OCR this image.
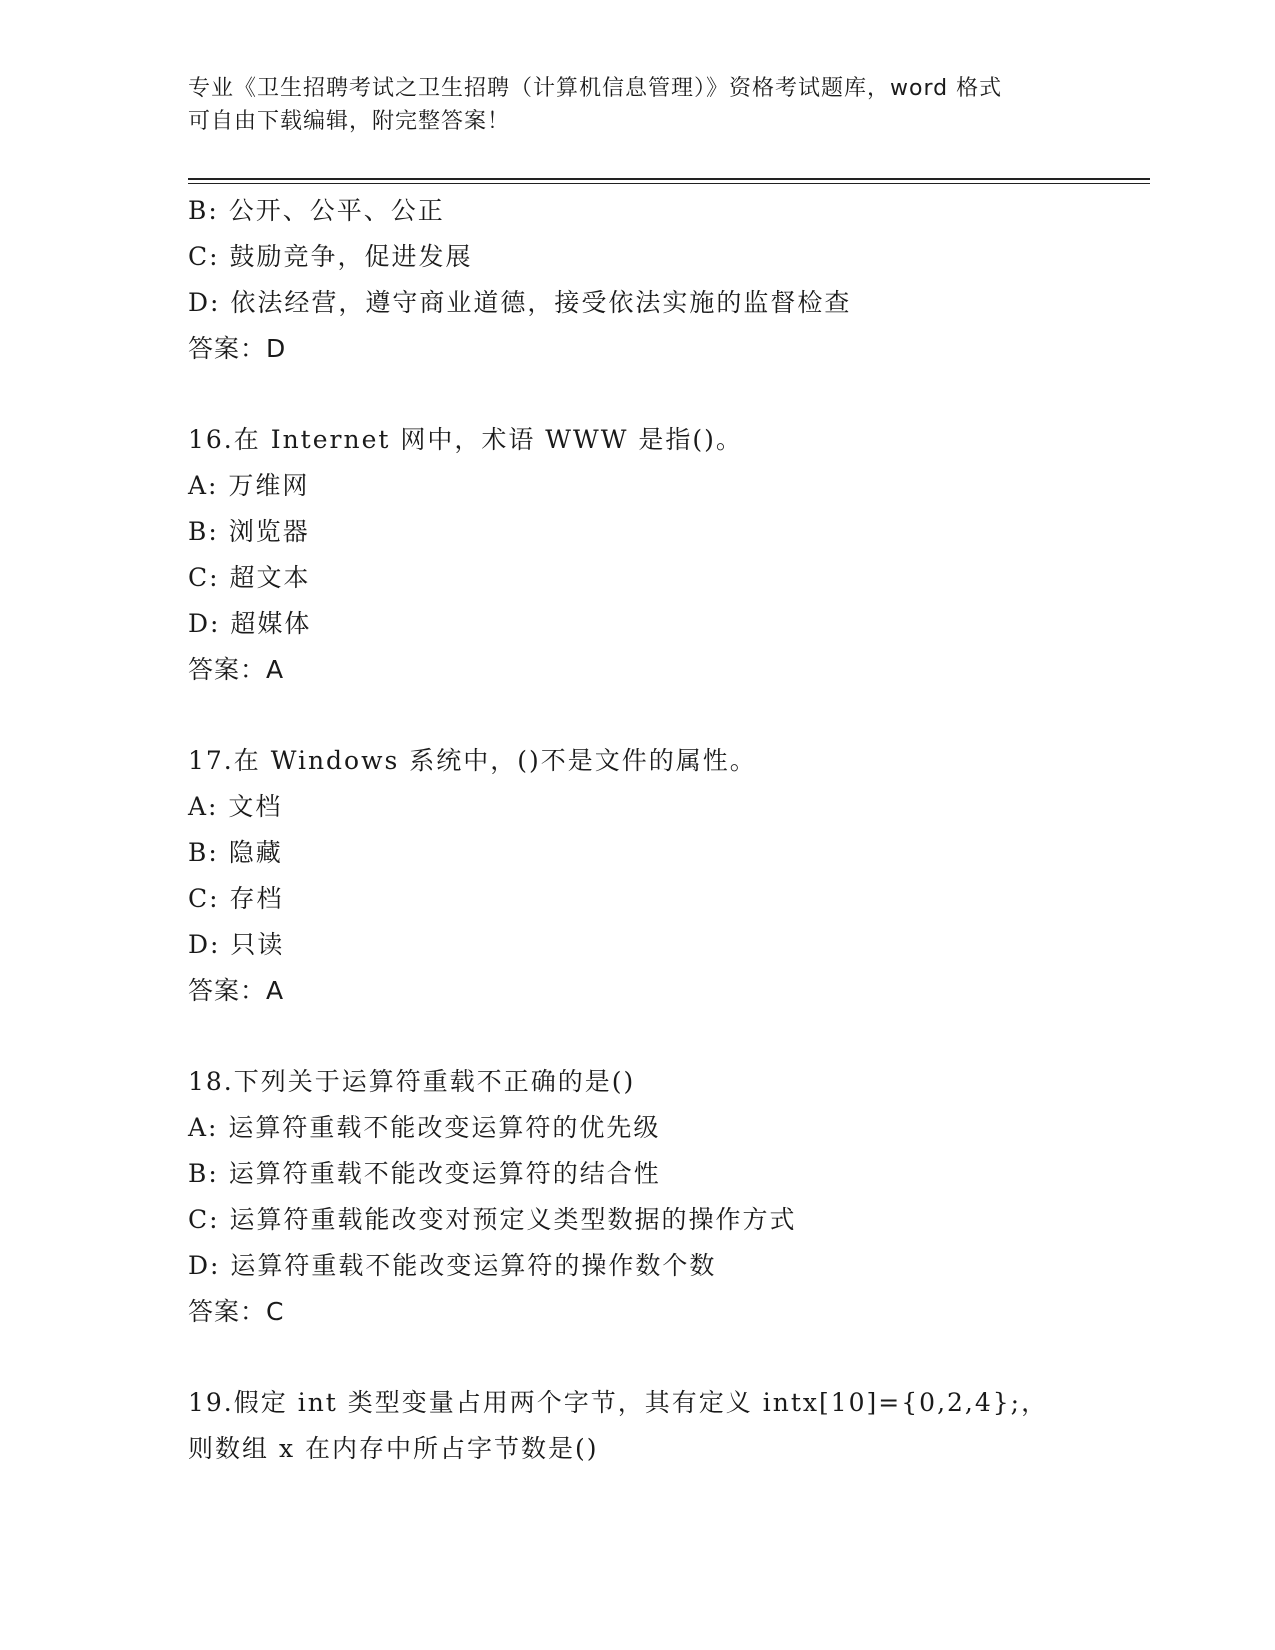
专业《卫生招聘考试之卫生招聘（计算机信息管理）》资格考试题库，word 格式
可自由下载编辑，附完整答案！
B: 公开、公平、公正
C: 鼓励竞争，促进发展
D: 依法经营，遵守商业道德，接受依法实施的监督检查
答案：D
16.在 Internet 网中，术语 WWW 是指()。
A: 万维网
B: 浏览器
C: 超文本
D: 超媒体
答案：A
17.在 Windows 系统中，()不是文件的属性。
A: 文档
B: 隐藏
C: 存档
D: 只读
答案：A
18.下列关于运算符重载不正确的是()
A: 运算符重载不能改变运算符的优先级
B: 运算符重载不能改变运算符的结合性
C: 运算符重载能改变对预定义类型数据的操作方式
D: 运算符重载不能改变运算符的操作数个数
答案：C
19.假定 int 类型变量占用两个字节，其有定义 intx[10]={0,2,4};，
则数组 x 在内存中所占字节数是()
